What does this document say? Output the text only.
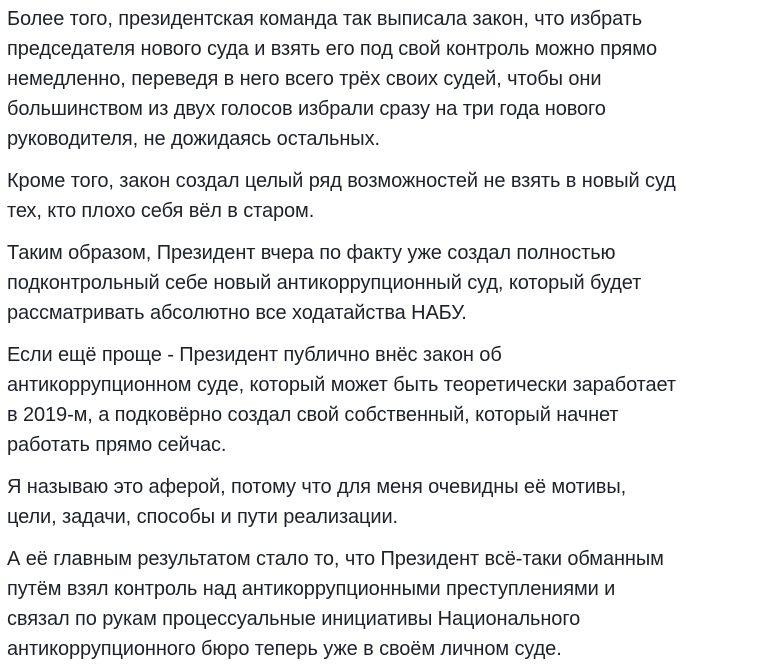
Более того, президентская команда так выписала закон, что избрать
председателя нового суда и взять его под свой контроль можно прямо
немедленно, переведя в него всего трёх своих судей, чтобы они
большинством из двух голосов избрали сразу на три года нового
руководителя, не дожидаясь остальных.

Кроме того, закон создал целый ряд возможностей не взять в новый суд
тех, кто плохо себя вёл в старом.

Таким образом, Президент вчера по факту уже создал полностью
подконтрольный себе новый антикоррупционный суд, который будет
рассматривать абсолютно все ходатайства НАБУ.

Если ещё проще - Президент публично внёс закон об
антикоррупционном суде, который может быть теоретически заработает
в 2019-м, а подковёрно создал свой собственный, который начнет
работать прямо сейчас.

Я называю это аферой, потому что для меня очевидны её мотивы,
цели, задачи, способы и пути реализации.

А её главным результатом стало то, что Президент всё-таки обманным
путём взял контроль над антикоррупционными преступлениями и
связал по рукам процессуальные инициативы Национального
антикоррупционного бюро теперь уже в своём личном суде.
